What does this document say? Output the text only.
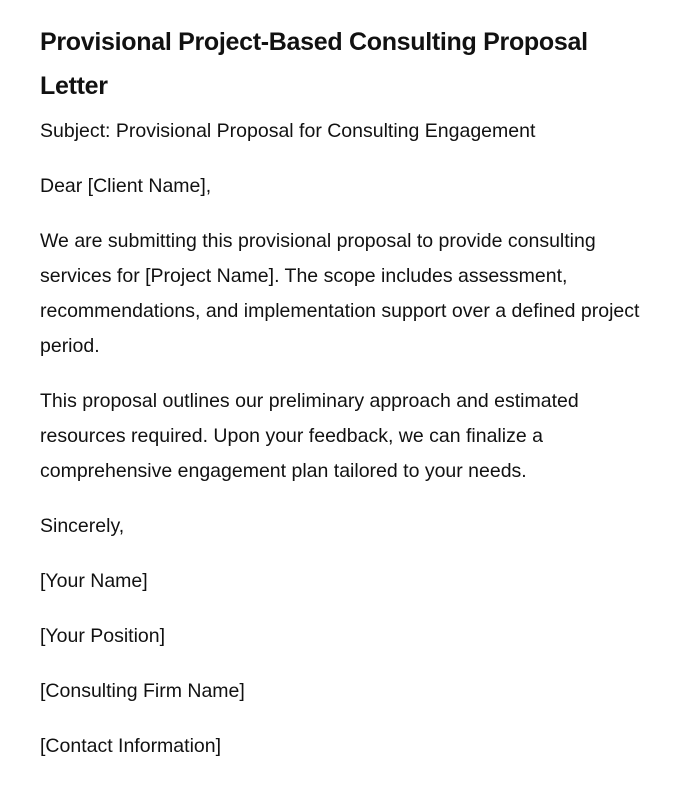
Provisional Project-Based Consulting Proposal Letter

Subject: Provisional Proposal for Consulting Engagement

Dear [Client Name],

We are submitting this provisional proposal to provide consulting services for [Project Name]. The scope includes assessment, recommendations, and implementation support over a defined project period.

This proposal outlines our preliminary approach and estimated resources required. Upon your feedback, we can finalize a comprehensive engagement plan tailored to your needs.

Sincerely,

[Your Name]

[Your Position]

[Consulting Firm Name]

[Contact Information]
